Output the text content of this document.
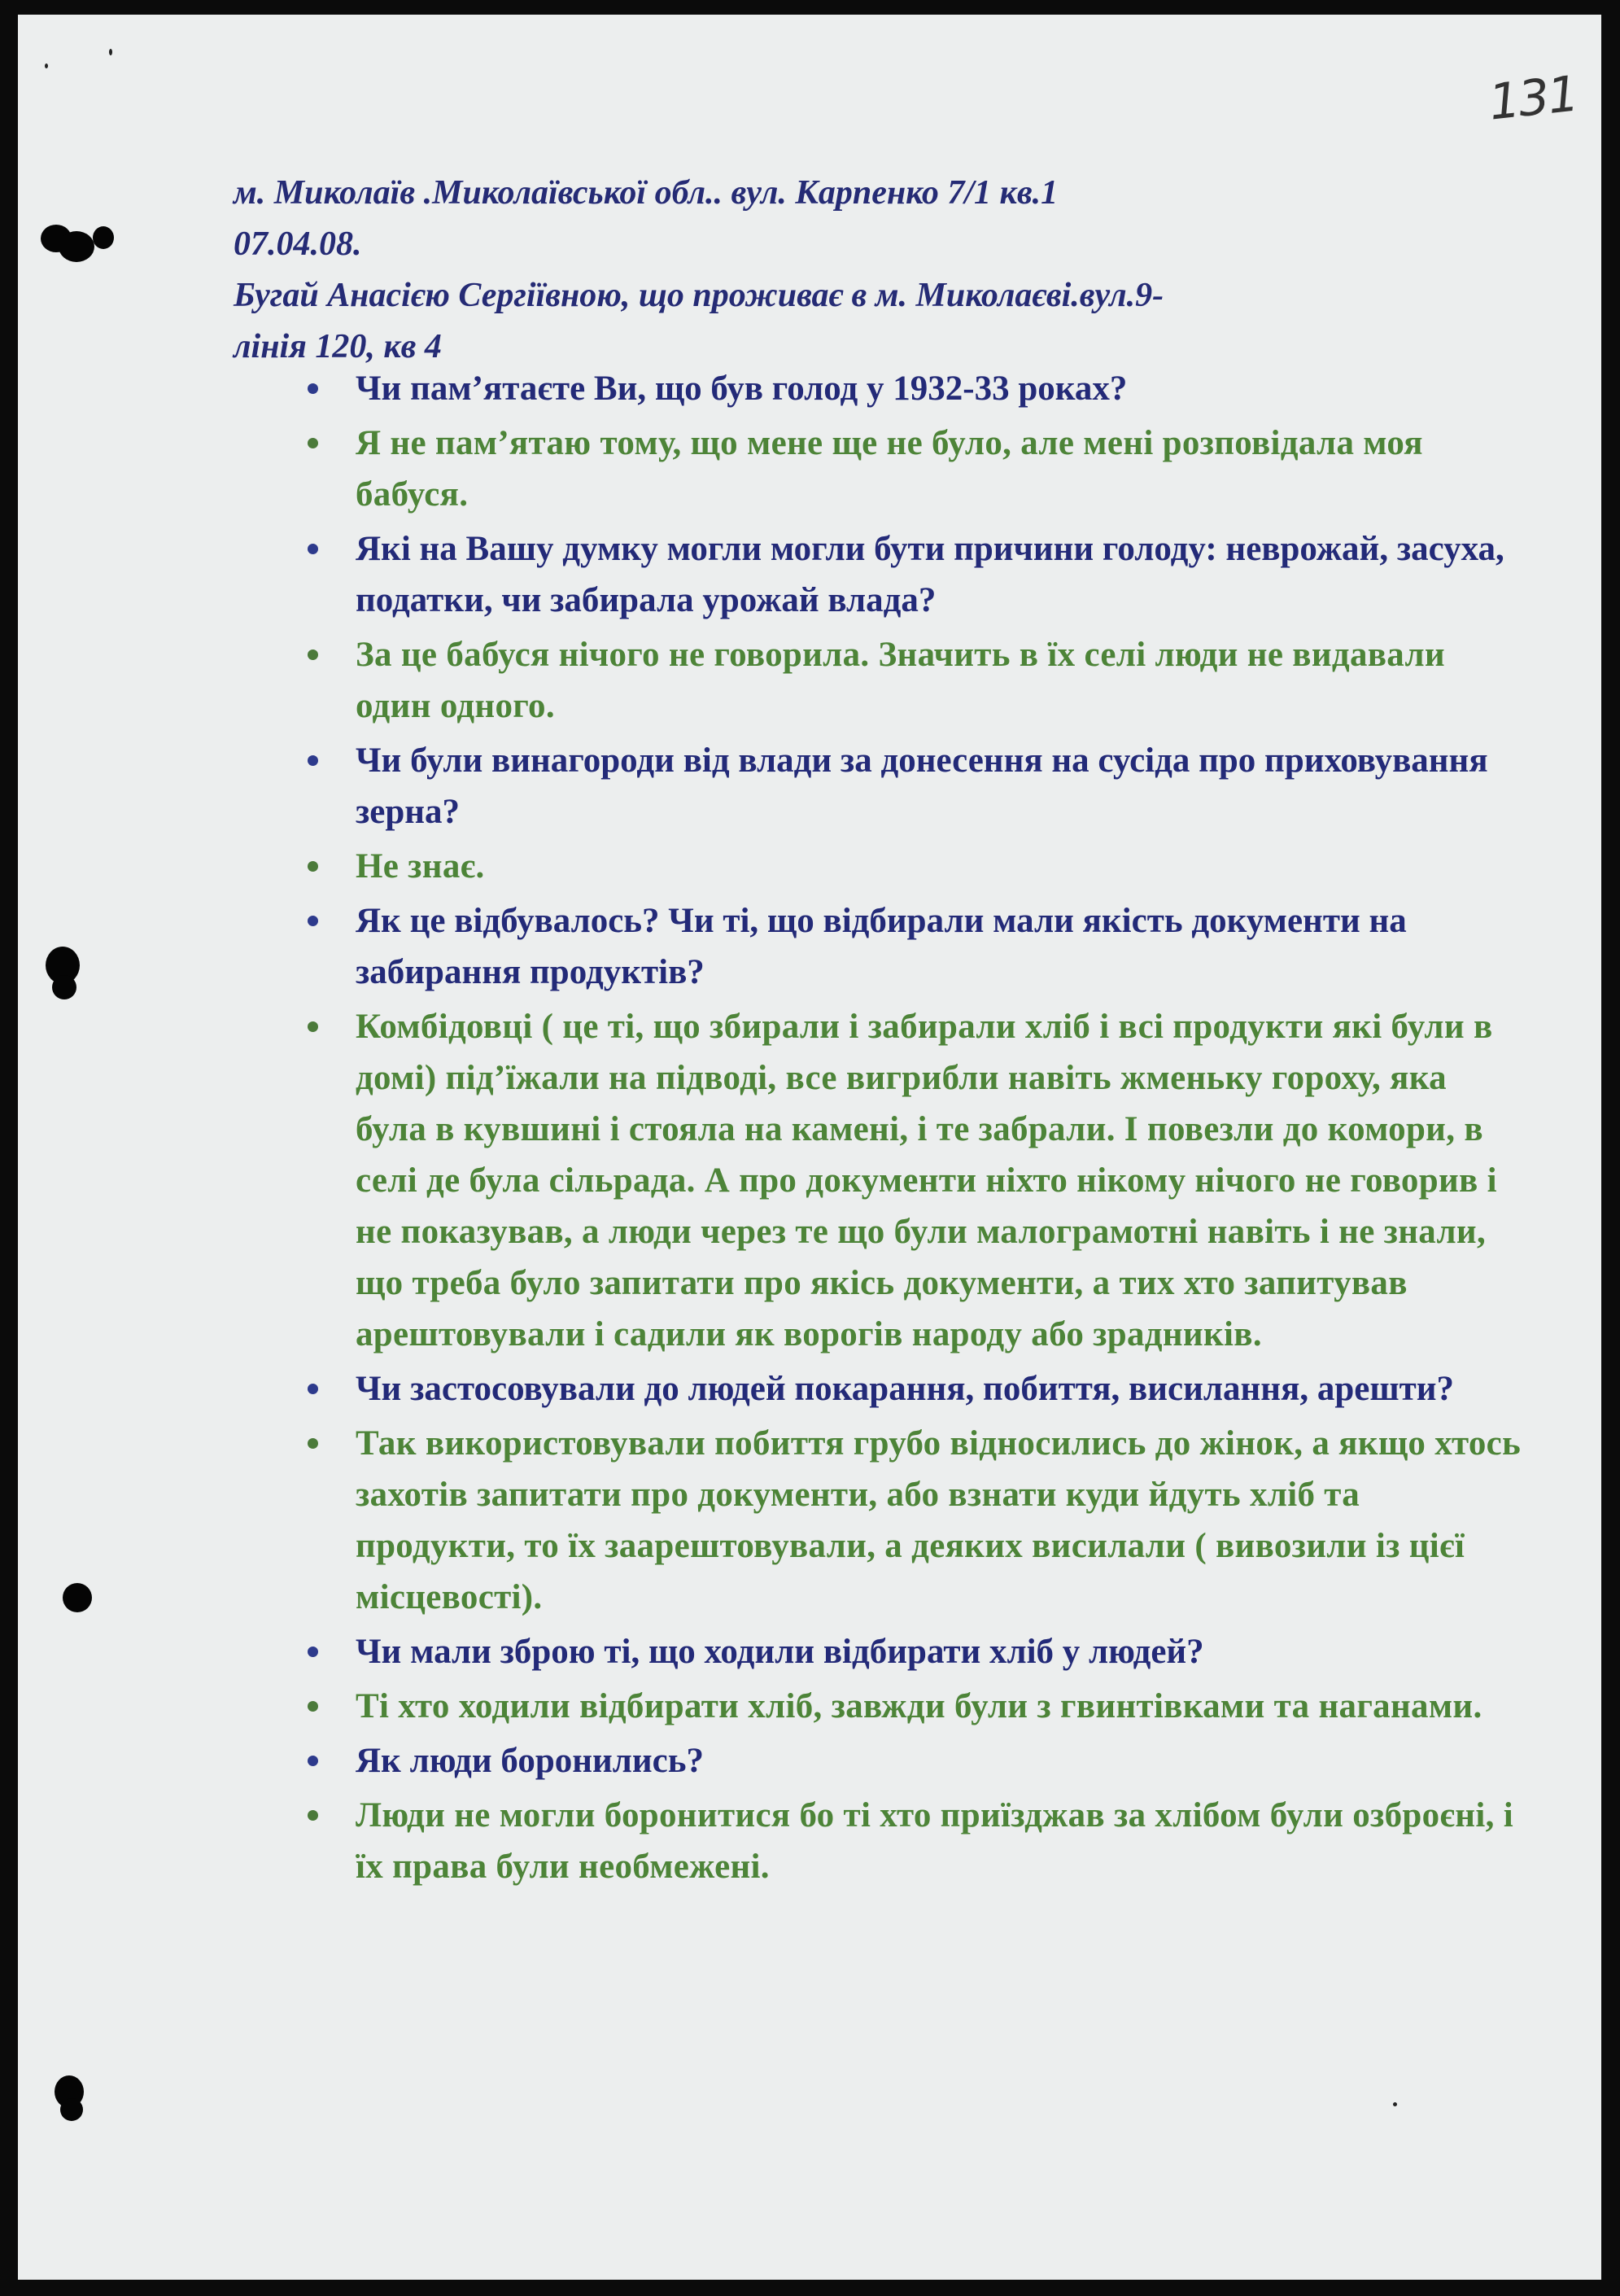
131
м. Миколаїв .Миколаївської обл.. вул. Карпенко 7/1 кв.1
07.04.08.
Бугай Анасією Сергіївною, що проживає в м. Миколаєві.вул.9-
лінія 120, кв 4
Чи пам’ятаєте Ви, що був голод у 1932-33 роках?
Я не пам’ятаю тому, що мене ще не було, але мені розповідала моя бабуся.
Які на Вашу думку могли могли бути причини голоду: неврожай, засуха, податки, чи забирала урожай влада?
За це бабуся нічого не говорила. Значить в їх селі люди не видавали один одного.
Чи були винагороди від влади за донесення на сусіда про приховування зерна?
Не знає.
Як це відбувалось? Чи ті, що відбирали мали якість документи на забирання продуктів?
Комбідовці ( це ті, що збирали і забирали хліб і всі продукти які були в домі) під’їжали на підводі, все вигрибли навіть жменьку гороху, яка була в кувшині і стояла на камені, і те забрали. І повезли до комори, в селі де була сільрада. А про документи ніхто нікому нічого не говорив і не показував, а люди через те що були малограмотні навіть і не знали, що треба було запитати про якісь документи, а тих хто запитував арештовували і садили як ворогів народу або зрадників.
Чи застосовували до людей покарання, побиття, висилання, арешти?
Так використовували побиття грубо відносились до жінок, а якщо хтось захотів запитати про документи, або взнати куди йдуть хліб та продукти, то їх заарештовували, а деяких висилали ( вивозили із цієї місцевості).
Чи мали зброю ті, що ходили відбирати хліб у людей?
Ті хто ходили відбирати хліб, завжди були з гвинтівками та наганами.
Як люди боронились?
Люди не могли боронитися бо ті хто приїзджав за хлібом були озброєні, і їх права були необмежені.
